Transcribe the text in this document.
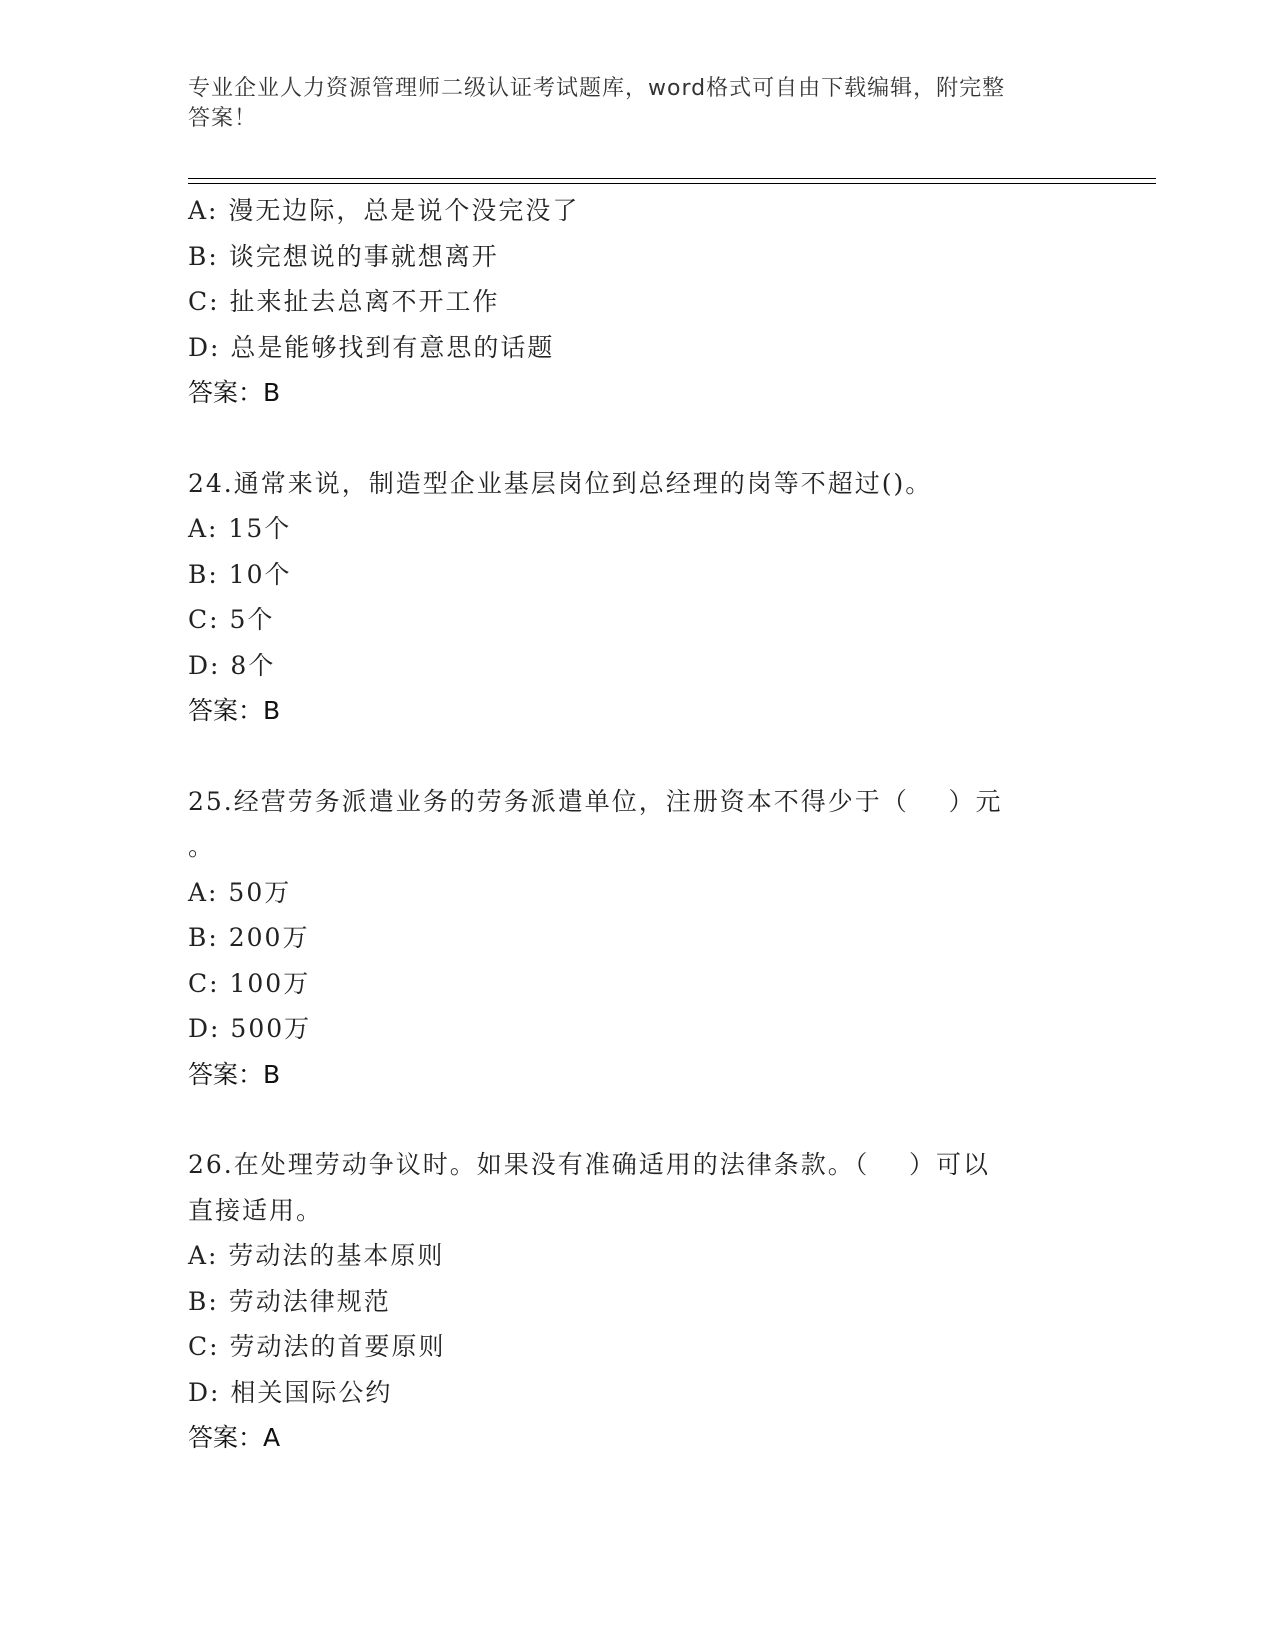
专业企业人力资源管理师二级认证考试题库，word格式可自由下载编辑，附完整
答案！
A: 漫无边际，总是说个没完没了
B: 谈完想说的事就想离开
C: 扯来扯去总离不开工作
D: 总是能够找到有意思的话题
答案：B
24.通常来说，制造型企业基层岗位到总经理的岗等不超过()。
A: 15个
B: 10个
C: 5个
D: 8个
答案：B
25.经营劳务派遣业务的劳务派遣单位，注册资本不得少于（    ）元
。
A: 50万
B: 200万
C: 100万
D: 500万
答案：B
26.在处理劳动争议时。如果没有准确适用的法律条款。（    ）可以
直接适用。
A: 劳动法的基本原则
B: 劳动法律规范
C: 劳动法的首要原则
D: 相关国际公约
答案：A
